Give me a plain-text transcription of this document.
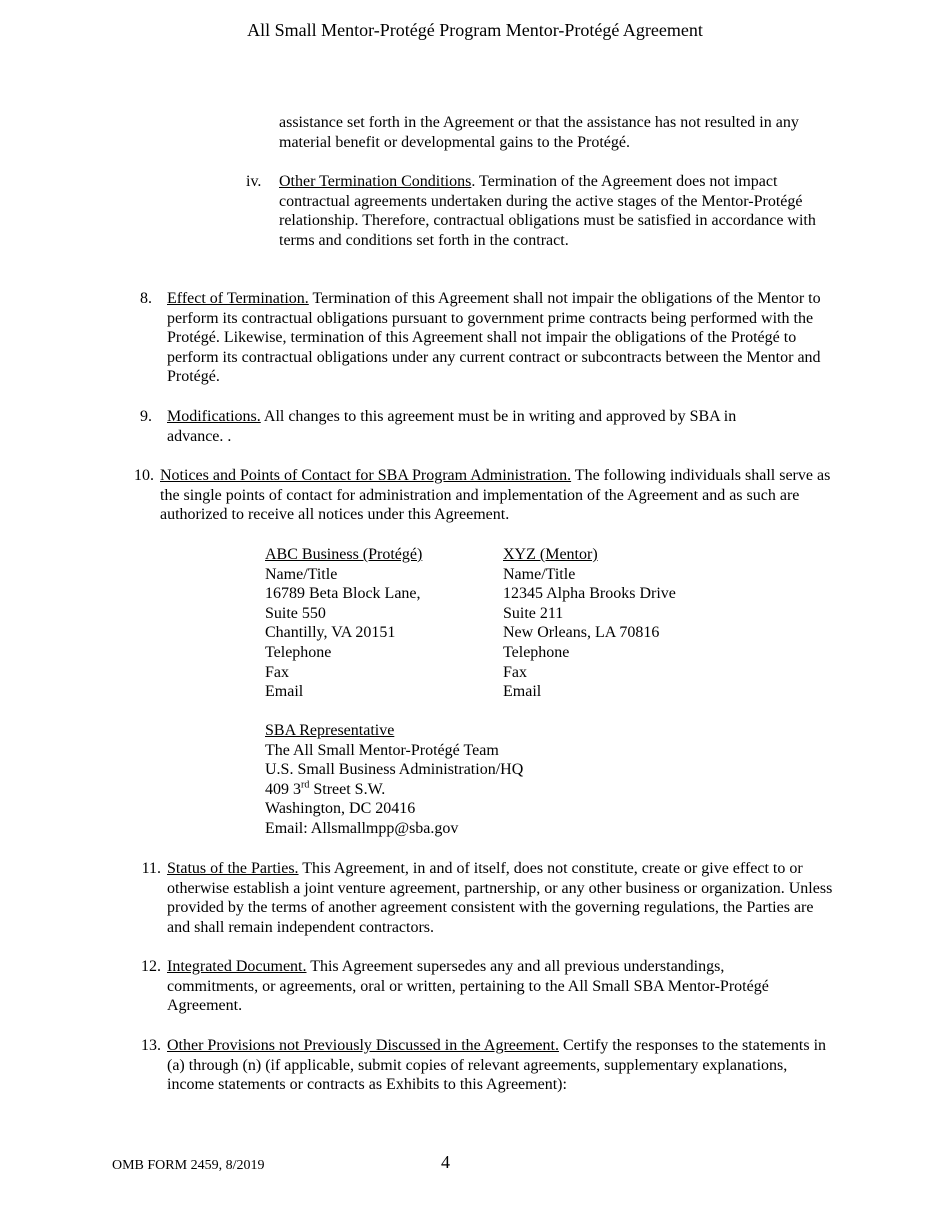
All Small Mentor-Protégé Program Mentor-Protégé Agreement
assistance set forth in the Agreement or that the assistance has not resulted in any material benefit or developmental gains to the Protégé.
iv.	Other Termination Conditions. Termination of the Agreement does not impact contractual agreements undertaken during the active stages of the Mentor-Protégé relationship. Therefore, contractual obligations must be satisfied in accordance with terms and conditions set forth in the contract.
8. Effect of Termination. Termination of this Agreement shall not impair the obligations of the Mentor to perform its contractual obligations pursuant to government prime contracts being performed with the Protégé. Likewise, termination of this Agreement shall not impair the obligations of the Protégé to perform its contractual obligations under any current contract or subcontracts between the Mentor and Protégé.
9. Modifications. All changes to this agreement must be in writing and approved by SBA in advance. .
10. Notices and Points of Contact for SBA Program Administration. The following individuals shall serve as the single points of contact for administration and implementation of the Agreement and as such are authorized to receive all notices under this Agreement.
ABC Business (Protégé)
Name/Title
16789 Beta Block Lane,
Suite 550
Chantilly, VA 20151
Telephone
Fax
Email
XYZ (Mentor)
Name/Title
12345 Alpha Brooks Drive
Suite 211
New Orleans, LA 70816
Telephone
Fax
Email
SBA Representative
The All Small Mentor-Protégé Team
U.S. Small Business Administration/HQ
409 3rd Street S.W.
Washington, DC 20416
Email: Allsmallmpp@sba.gov
11. Status of the Parties. This Agreement, in and of itself, does not constitute, create or give effect to or otherwise establish a joint venture agreement, partnership, or any other business or organization. Unless provided by the terms of another agreement consistent with the governing regulations, the Parties are and shall remain independent contractors.
12. Integrated Document. This Agreement supersedes any and all previous understandings, commitments, or agreements, oral or written, pertaining to the All Small SBA Mentor-Protégé Agreement.
13. Other Provisions not Previously Discussed in the Agreement. Certify the responses to the statements in (a) through (n) (if applicable, submit copies of relevant agreements, supplementary explanations, income statements or contracts as Exhibits to this Agreement):
OMB FORM 2459, 8/2019	4
